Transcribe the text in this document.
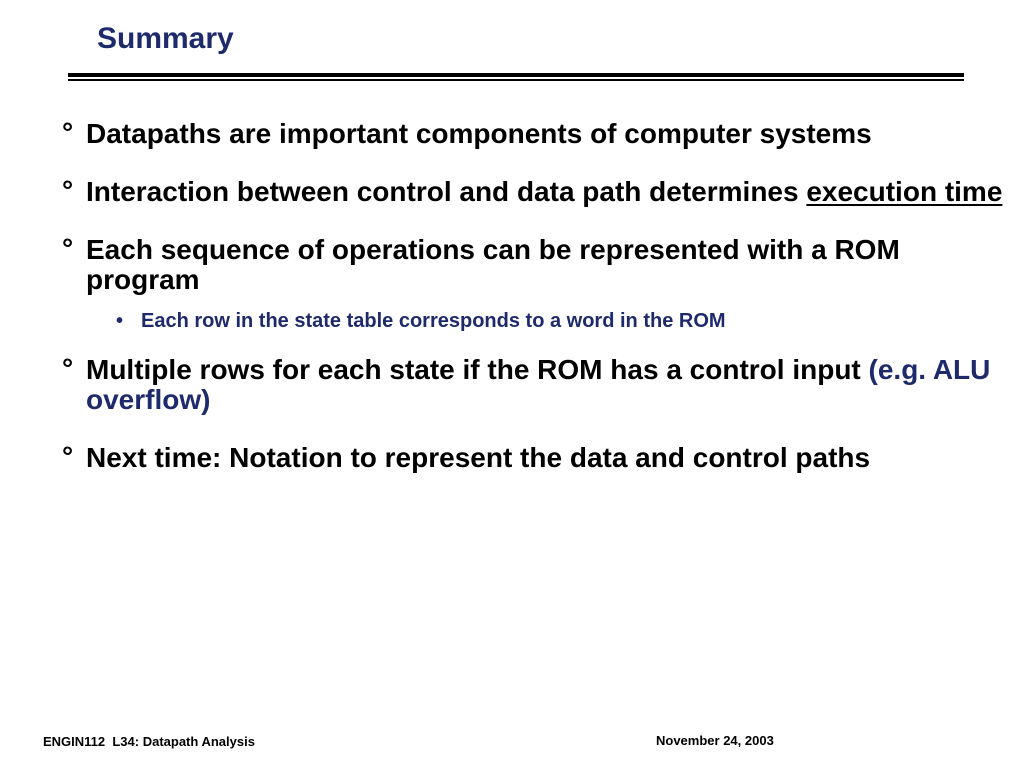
Summary
° Datapaths are important components of computer systems
° Interaction between control and data path determines execution time
° Each sequence of operations can be represented with a ROM program
• Each row in the state table corresponds to a word in the ROM
° Multiple rows for each state if the ROM has a control input (e.g. ALU overflow)
° Next time: Notation to represent the data and control paths
ENGIN112  L34: Datapath Analysis	November 24, 2003
